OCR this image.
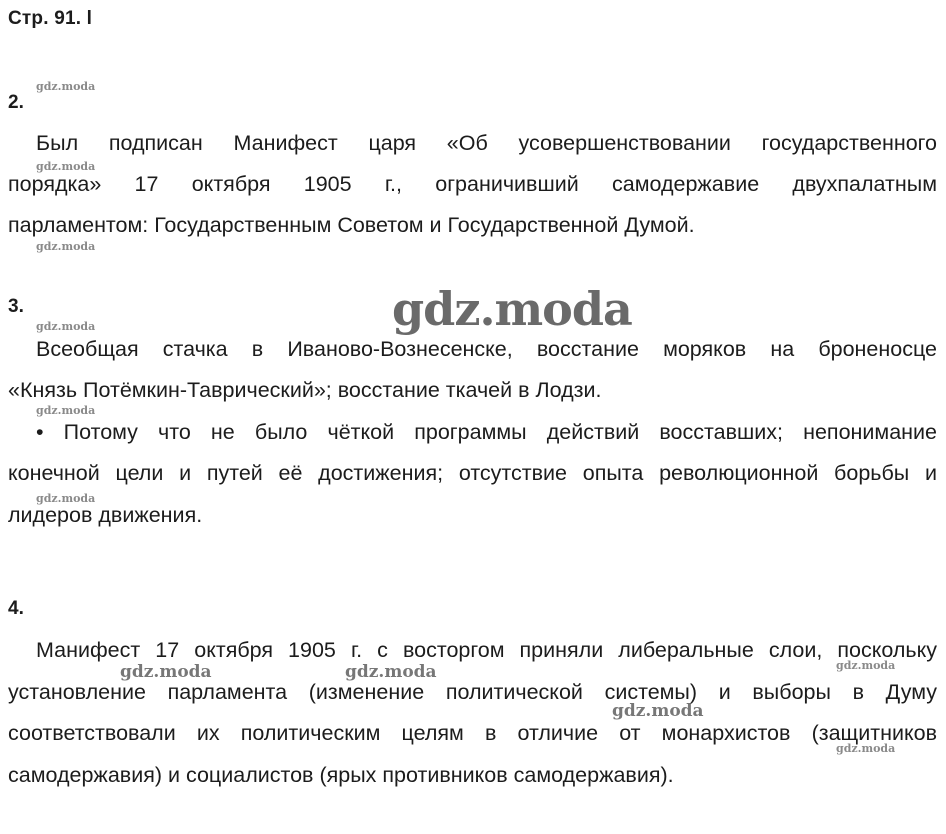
Стр. 91. l
gdz.moda
gdz.moda
gdz.moda
gdz.moda
gdz.moda
gdz.moda
gdz.moda
gdz.moda	gdz.moda	gdz.moda
gdz.moda
gdz.moda
2.
Был подписан Манифест царя «Об усовершенствовании государственного
порядка» 17 октября 1905 г., ограничивший самодержавие двухпалатным
парламентом: Государственным Советом и Государственной Думой.
3.
Всеобщая стачка в Иваново-Вознесенске, восстание моряков на броненосце
«Князь Потёмкин-Таврический»; восстание ткачей в Лодзи.
• Потому что не было чёткой программы действий восставших; непонимание
конечной цели и путей её достижения; отсутствие опыта революционной борьбы и
лидеров движения.
4.
Манифест 17 октября 1905 г. с восторгом приняли либеральные слои, поскольку
установление парламента (изменение политической системы) и выборы в Думу
соответствовали их политическим целям в отличие от монархистов (защитников
самодержавия) и социалистов (ярых противников самодержавия).
